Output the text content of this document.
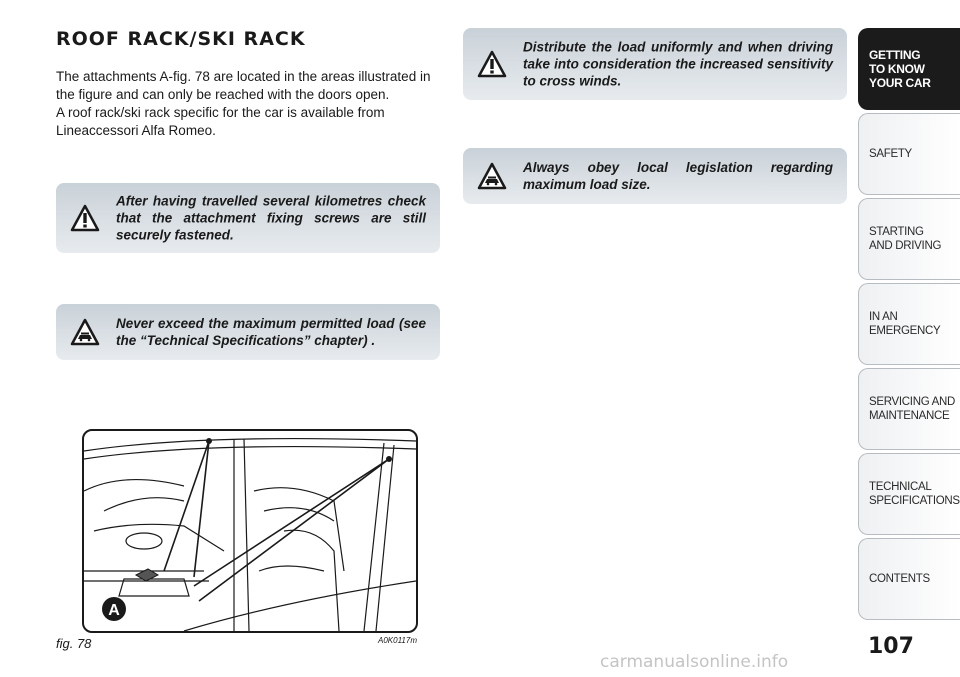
ROOF RACK/SKI RACK

The attachments A-fig. 78 are located in the areas illustrated in the figure and can only be reached with the doors open.

A roof rack/ski rack specific for the car is available from Lineaccessori Alfa Romeo.

After having travelled several kilometres check that the attachment fixing screws are still securely fastened.
Never exceed the maximum permitted load (see the “Technical Specifications” chapter) .
Distribute the load uniformly and when driving take into consideration the increased sensitivity to cross winds.
Always obey local legislation regarding maximum load size.
A
fig. 78	A0K0117m
GETTING
TO KNOW
YOUR CAR
SAFETY
STARTING
AND DRIVING
IN AN
EMERGENCY
SERVICING AND
MAINTENANCE
TECHNICAL
SPECIFICATIONS
CONTENTS
107
carmanualsonline.info
